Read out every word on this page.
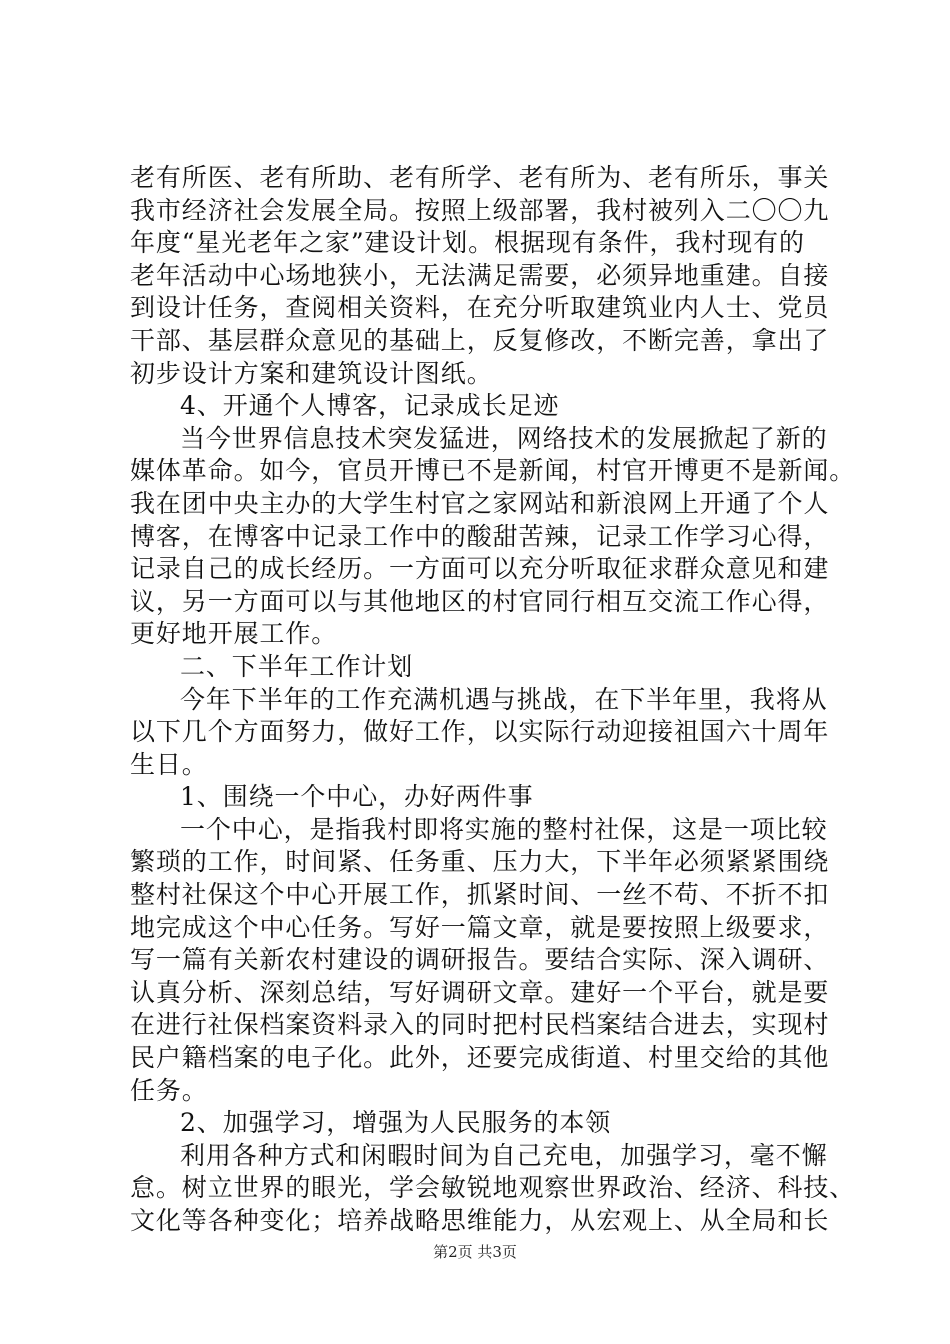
老有所医、老有所助、老有所学、老有所为、老有所乐，事关
我市经济社会发展全局。按照上级部署，我村被列入二〇〇九
年度“星光老年之家”建设计划。根据现有条件，我村现有的
老年活动中心场地狭小，无法满足需要，必须异地重建。自接
到设计任务，查阅相关资料，在充分听取建筑业内人士、党员
干部、基层群众意见的基础上，反复修改，不断完善，拿出了
初步设计方案和建筑设计图纸。
4、开通个人博客，记录成长足迹
当今世界信息技术突发猛进，网络技术的发展掀起了新的
媒体革命。如今，官员开博已不是新闻，村官开博更不是新闻。
我在团中央主办的大学生村官之家网站和新浪网上开通了个人
博客，在博客中记录工作中的酸甜苦辣，记录工作学习心得，
记录自己的成长经历。一方面可以充分听取征求群众意见和建
议，另一方面可以与其他地区的村官同行相互交流工作心得，
更好地开展工作。
二、下半年工作计划
今年下半年的工作充满机遇与挑战，在下半年里，我将从
以下几个方面努力，做好工作，以实际行动迎接祖国六十周年
生日。
1、围绕一个中心，办好两件事
一个中心，是指我村即将实施的整村社保，这是一项比较
繁琐的工作，时间紧、任务重、压力大，下半年必须紧紧围绕
整村社保这个中心开展工作，抓紧时间、一丝不苟、不折不扣
地完成这个中心任务。写好一篇文章，就是要按照上级要求，
写一篇有关新农村建设的调研报告。要结合实际、深入调研、
认真分析、深刻总结，写好调研文章。建好一个平台，就是要
在进行社保档案资料录入的同时把村民档案结合进去，实现村
民户籍档案的电子化。此外，还要完成街道、村里交给的其他
任务。
2、加强学习，增强为人民服务的本领
利用各种方式和闲暇时间为自己充电，加强学习，毫不懈
怠。树立世界的眼光，学会敏锐地观察世界政治、经济、科技、
文化等各种变化；培养战略思维能力，从宏观上、从全局和长
第2页 共3页
